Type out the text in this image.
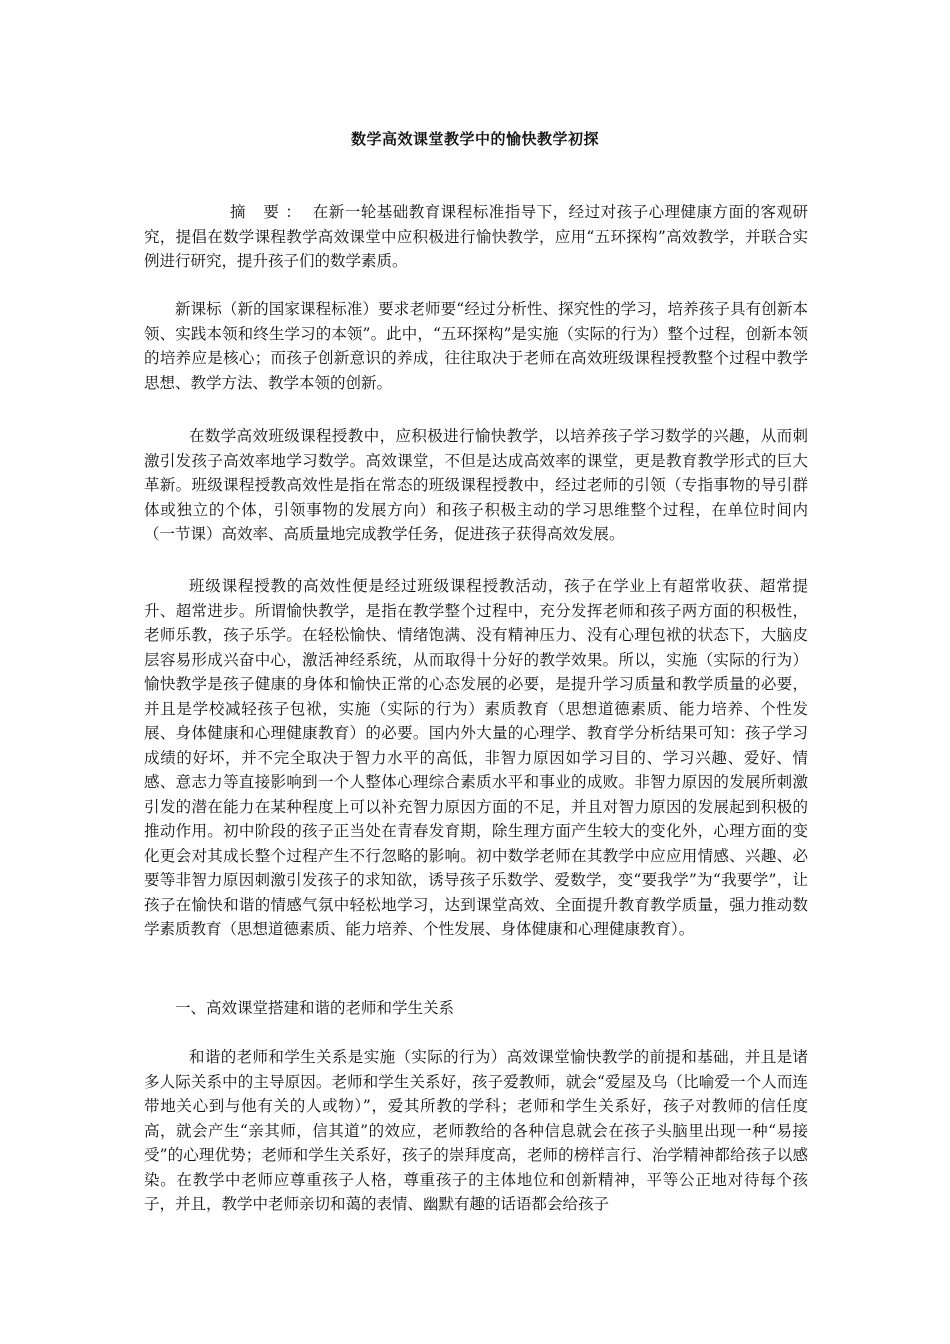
数学高效课堂教学中的愉快教学初探

摘 要： 在新一轮基础教育课程标准指导下，经过对孩子心理健康方面的客观研究，提倡在数学课程教学高效课堂中应积极进行愉快教学，应用“五环探构”高效教学，并联合实例进行研究，提升孩子们的数学素质。

新课标（新的国家课程标准）要求老师要“经过分析性、探究性的学习，培养孩子具有创新本领、实践本领和终生学习的本领”。此中，“五环探构”是实施（实际的行为）整个过程，创新本领的培养应是核心；而孩子创新意识的养成，往往取决于老师在高效班级课程授教整个过程中教学思想、教学方法、教学本领的创新。

在数学高效班级课程授教中，应积极进行愉快教学，以培养孩子学习数学的兴趣，从而刺激引发孩子高效率地学习数学。高效课堂，不但是达成高效率的课堂，更是教育教学形式的巨大革新。班级课程授教高效性是指在常态的班级课程授教中，经过老师的引领（专指事物的导引群体或独立的个体，引领事物的发展方向）和孩子积极主动的学习思维整个过程，在单位时间内（一节课）高效率、高质量地完成教学任务，促进孩子获得高效发展。

班级课程授教的高效性便是经过班级课程授教活动，孩子在学业上有超常收获、超常提升、超常进步。所谓愉快教学，是指在教学整个过程中，充分发挥老师和孩子两方面的积极性，老师乐教，孩子乐学。在轻松愉快、情绪饱满、没有精神压力、没有心理包袱的状态下，大脑皮层容易形成兴奋中心，激活神经系统，从而取得十分好的教学效果。所以，实施（实际的行为）愉快教学是孩子健康的身体和愉快正常的心态发展的必要，是提升学习质量和教学质量的必要，并且是学校减轻孩子包袱，实施（实际的行为）素质教育（思想道德素质、能力培养、个性发展、身体健康和心理健康教育）的必要。国内外大量的心理学、教育学分析结果可知：孩子学习成绩的好坏，并不完全取决于智力水平的高低，非智力原因如学习目的、学习兴趣、爱好、情感、意志力等直接影响到一个人整体心理综合素质水平和事业的成败。非智力原因的发展所刺激引发的潜在能力在某种程度上可以补充智力原因方面的不足，并且对智力原因的发展起到积极的推动作用。初中阶段的孩子正当处在青春发育期，除生理方面产生较大的变化外，心理方面的变化更会对其成长整个过程产生不行忽略的影响。初中数学老师在其教学中应应用情感、兴趣、必要等非智力原因刺激引发孩子的求知欲，诱导孩子乐数学、爱数学，变“要我学”为“我要学”，让孩子在愉快和谐的情感气氛中轻松地学习，达到课堂高效、全面提升教育教学质量，强力推动数学素质教育（思想道德素质、能力培养、个性发展、身体健康和心理健康教育）。

一、高效课堂搭建和谐的老师和学生关系

和谐的老师和学生关系是实施（实际的行为）高效课堂愉快教学的前提和基础，并且是诸多人际关系中的主导原因。老师和学生关系好，孩子爱教师，就会“爱屋及乌（比喻爱一个人而连带地关心到与他有关的人或物）”，爱其所教的学科；老师和学生关系好，孩子对教师的信任度高，就会产生“亲其师，信其道”的效应，老师教给的各种信息就会在孩子头脑里出现一种“易接受”的心理优势；老师和学生关系好，孩子的崇拜度高，老师的榜样言行、治学精神都给孩子以感染。在教学中老师应尊重孩子人格，尊重孩子的主体地位和创新精神，平等公正地对待每个孩子，并且，教学中老师亲切和蔼的表情、幽默有趣的话语都会给孩子
